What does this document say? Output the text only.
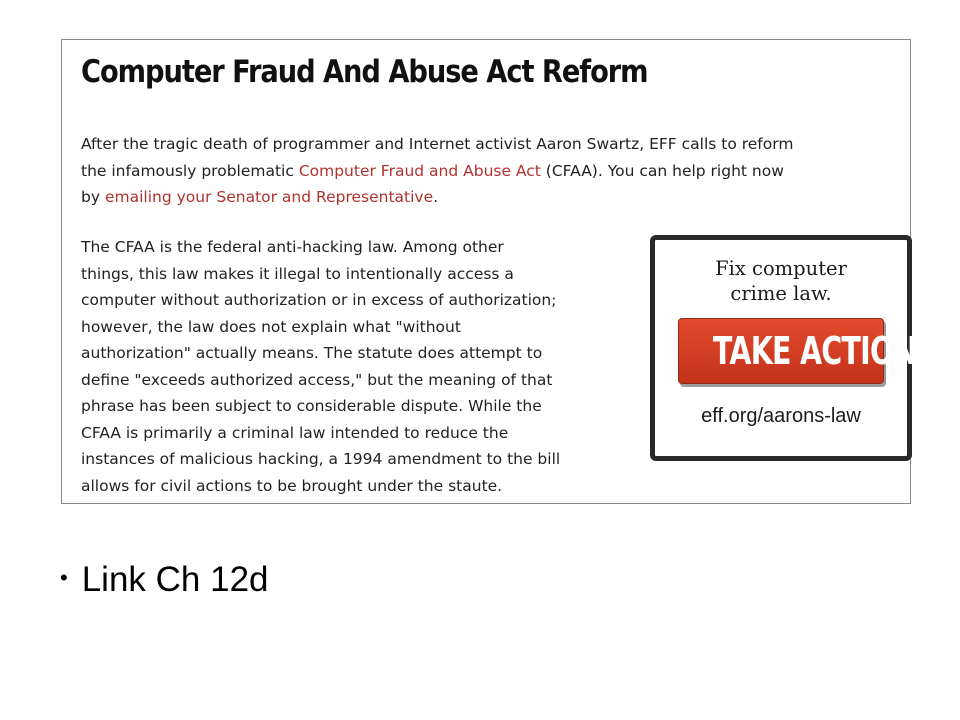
Computer Fraud And Abuse Act Reform

After the tragic death of programmer and Internet activist Aaron Swartz, EFF calls to reform
the infamously problematic Computer Fraud and Abuse Act (CFAA). You can help right now
by emailing your Senator and Representative.

The CFAA is the federal anti-hacking law. Among other
things, this law makes it illegal to intentionally access a
computer without authorization or in excess of authorization;
however, the law does not explain what "without
authorization" actually means. The statute does attempt to
define "exceeds authorized access," but the meaning of that
phrase has been subject to considerable dispute. While the
CFAA is primarily a criminal law intended to reduce the
instances of malicious hacking, a 1994 amendment to the bill
allows for civil actions to be brought under the staute.

Fix computer
crime law.
TAKE ACTION
eff.org/aarons-law
• Link Ch 12d
